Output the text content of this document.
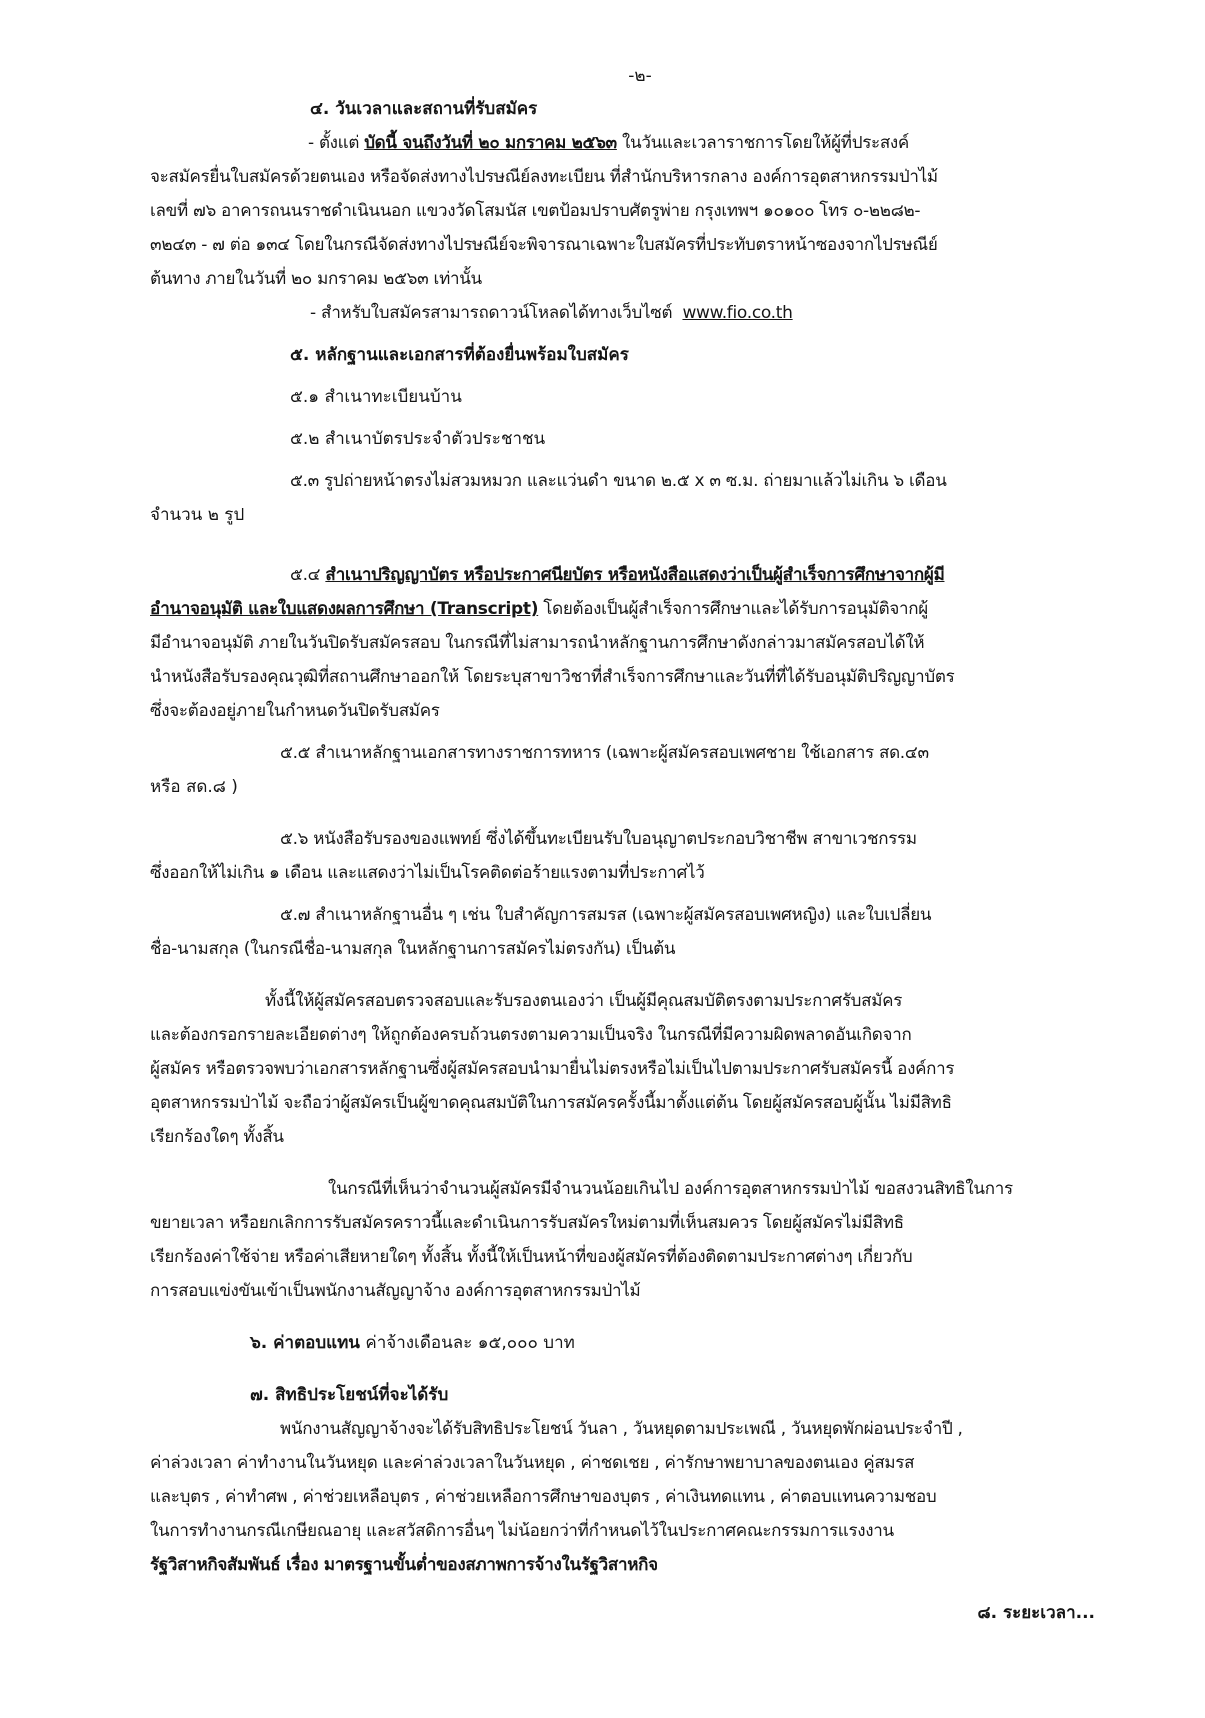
-๒-

๔. วันเวลาและสถานที่รับสมัคร

- ตั้งแต่ บัดนี้ จนถึงวันที่ ๒๐ มกราคม ๒๕๖๓ ในวันและเวลาราชการโดยให้ผู้ที่ประสงค์

จะสมัครยื่นใบสมัครด้วยตนเอง หรือจัดส่งทางไปรษณีย์ลงทะเบียน ที่สำนักบริหารกลาง องค์การอุตสาหกรรมป่าไม้

เลขที่ ๗๖ อาคารถนนราชดำเนินนอก แขวงวัดโสมนัส เขตป้อมปราบศัตรูพ่าย กรุงเทพฯ ๑๐๑๐๐ โทร ๐-๒๒๘๒-

๓๒๔๓ - ๗ ต่อ ๑๓๔ โดยในกรณีจัดส่งทางไปรษณีย์จะพิจารณาเฉพาะใบสมัครที่ประทับตราหน้าซองจากไปรษณีย์

ต้นทาง ภายในวันที่ ๒๐ มกราคม ๒๕๖๓ เท่านั้น

- สำหรับใบสมัครสามารถดาวน์โหลดได้ทางเว็บไซต์ www.fio.co.th

๕. หลักฐานและเอกสารที่ต้องยื่นพร้อมใบสมัคร

๕.๑ สำเนาทะเบียนบ้าน

๕.๒ สำเนาบัตรประจำตัวประชาชน

๕.๓ รูปถ่ายหน้าตรงไม่สวมหมวก และแว่นดำ ขนาด ๒.๕ x ๓ ซ.ม. ถ่ายมาแล้วไม่เกิน ๖ เดือน

จำนวน ๒ รูป

๕.๔ สำเนาปริญญาบัตร หรือประกาศนียบัตร หรือหนังสือแสดงว่าเป็นผู้สำเร็จการศึกษาจากผู้มี

อำนาจอนุมัติ และใบแสดงผลการศึกษา (Transcript) โดยต้องเป็นผู้สำเร็จการศึกษาและได้รับการอนุมัติจากผู้

มีอำนาจอนุมัติ ภายในวันปิดรับสมัครสอบ ในกรณีที่ไม่สามารถนำหลักฐานการศึกษาดังกล่าวมาสมัครสอบได้ให้

นำหนังสือรับรองคุณวุฒิที่สถานศึกษาออกให้ โดยระบุสาขาวิชาที่สำเร็จการศึกษาและวันที่ที่ได้รับอนุมัติปริญญาบัตร

ซึ่งจะต้องอยู่ภายในกำหนดวันปิดรับสมัคร

๕.๕ สำเนาหลักฐานเอกสารทางราชการทหาร (เฉพาะผู้สมัครสอบเพศชาย ใช้เอกสาร สด.๔๓

หรือ สด.๘ )

๕.๖ หนังสือรับรองของแพทย์ ซึ่งได้ขึ้นทะเบียนรับใบอนุญาตประกอบวิชาชีพ สาขาเวชกรรม

ซึ่งออกให้ไม่เกิน ๑ เดือน และแสดงว่าไม่เป็นโรคติดต่อร้ายแรงตามที่ประกาศไว้

๕.๗ สำเนาหลักฐานอื่น ๆ เช่น ใบสำคัญการสมรส (เฉพาะผู้สมัครสอบเพศหญิง) และใบเปลี่ยน

ชื่อ-นามสกุล (ในกรณีชื่อ-นามสกุล ในหลักฐานการสมัครไม่ตรงกัน) เป็นต้น

ทั้งนี้ให้ผู้สมัครสอบตรวจสอบและรับรองตนเองว่า เป็นผู้มีคุณสมบัติตรงตามประกาศรับสมัคร

และต้องกรอกรายละเอียดต่างๆ ให้ถูกต้องครบถ้วนตรงตามความเป็นจริง ในกรณีที่มีความผิดพลาดอันเกิดจาก

ผู้สมัคร หรือตรวจพบว่าเอกสารหลักฐานซึ่งผู้สมัครสอบนำมายื่นไม่ตรงหรือไม่เป็นไปตามประกาศรับสมัครนี้ องค์การ

อุตสาหกรรมป่าไม้ จะถือว่าผู้สมัครเป็นผู้ขาดคุณสมบัติในการสมัครครั้งนี้มาตั้งแต่ต้น โดยผู้สมัครสอบผู้นั้น ไม่มีสิทธิ

เรียกร้องใดๆ ทั้งสิ้น

ในกรณีที่เห็นว่าจำนวนผู้สมัครมีจำนวนน้อยเกินไป องค์การอุตสาหกรรมป่าไม้ ขอสงวนสิทธิในการ

ขยายเวลา หรือยกเลิกการรับสมัครคราวนี้และดำเนินการรับสมัครใหม่ตามที่เห็นสมควร โดยผู้สมัครไม่มีสิทธิ

เรียกร้องค่าใช้จ่าย หรือค่าเสียหายใดๆ ทั้งสิ้น ทั้งนี้ให้เป็นหน้าที่ของผู้สมัครที่ต้องติดตามประกาศต่างๆ เกี่ยวกับ

การสอบแข่งขันเข้าเป็นพนักงานสัญญาจ้าง องค์การอุตสาหกรรมป่าไม้

๖. ค่าตอบแทน ค่าจ้างเดือนละ ๑๕,๐๐๐ บาท

๗. สิทธิประโยชน์ที่จะได้รับ

พนักงานสัญญาจ้างจะได้รับสิทธิประโยชน์ วันลา , วันหยุดตามประเพณี , วันหยุดพักผ่อนประจำปี ,

ค่าล่วงเวลา ค่าทำงานในวันหยุด และค่าล่วงเวลาในวันหยุด , ค่าชดเชย , ค่ารักษาพยาบาลของตนเอง คู่สมรส

และบุตร , ค่าทำศพ , ค่าช่วยเหลือบุตร , ค่าช่วยเหลือการศึกษาของบุตร , ค่าเงินทดแทน , ค่าตอบแทนความชอบ

ในการทำงานกรณีเกษียณอายุ และสวัสดิการอื่นๆ ไม่น้อยกว่าที่กำหนดไว้ในประกาศคณะกรรมการแรงงาน

รัฐวิสาหกิจสัมพันธ์ เรื่อง มาตรฐานขั้นต่ำของสภาพการจ้างในรัฐวิสาหกิจ

๘. ระยะเวลา...
